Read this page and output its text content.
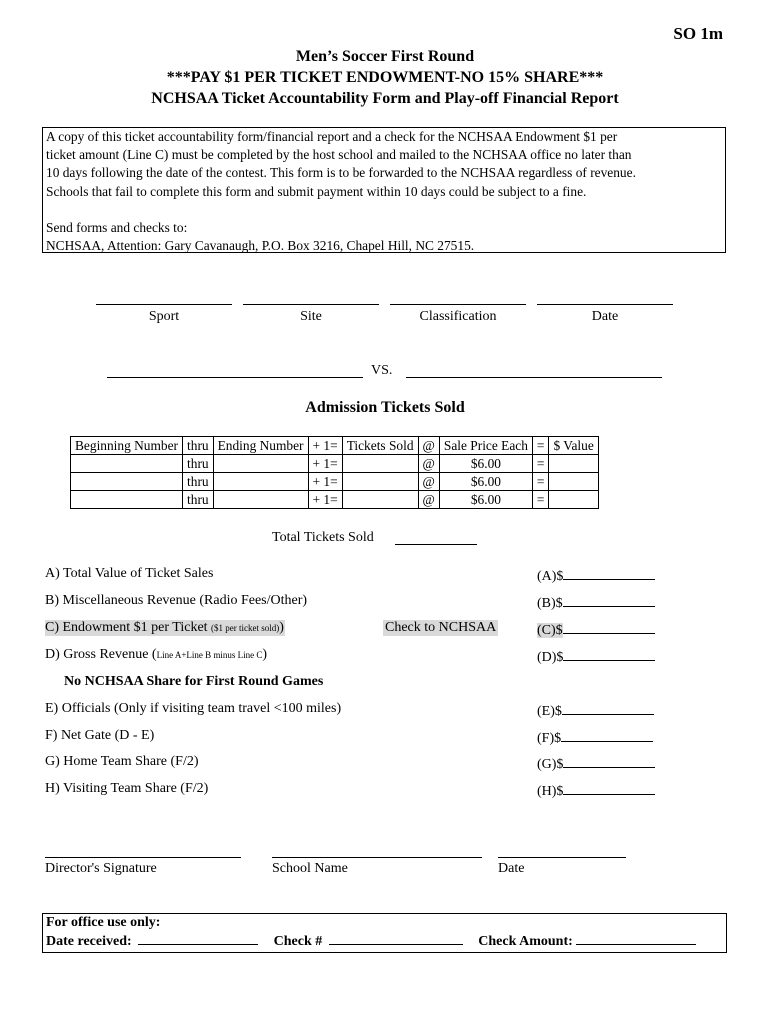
SO 1m
Men’s Soccer First Round
***PAY $1 PER TICKET ENDOWMENT-NO 15% SHARE***
NCHSAA Ticket Accountability Form and Play-off Financial Report

A copy of this ticket accountability form/financial report and a check for the NCHSAA Endowment $1 per

ticket amount (Line C) must be completed by the host school and mailed to the NCHSAA office no later than

10 days following the date of the contest. This form is to be forwarded to the NCHSAA regardless of revenue.

Schools that fail to complete this form and submit payment within 10 days could be subject to a fine.

Send forms and checks to:

NCHSAA, Attention: Gary Cavanaugh, P.O. Box 3216, Chapel Hill, NC 27515.

Sport	Site	Classification	Date
VS.
Admission Tickets Sold
Beginning Number	thru	Ending Number	+ 1=	Tickets Sold	@	Sale Price Each	=	$ Value
	thru		+ 1=		@	$6.00	=	
	thru		+ 1=		@	$6.00	=	
	thru		+ 1=		@	$6.00	=	
Total Tickets Sold
A) Total Value of Ticket Sales	(A)$
B) Miscellaneous Revenue (Radio Fees/Other)	(B)$
C) Endowment $1 per Ticket ($1 per ticket sold))	Check to NCHSAA	(C)$
D) Gross Revenue (Line A+Line B minus Line C)	(D)$
No NCHSAA Share for First Round Games
E) Officials (Only if visiting team travel <100 miles)	(E)$
F) Net Gate (D - E)	(F)$
G) Home Team Share (F/2)	(G)$
H) Visiting Team Share (F/2)	(H)$
Director's Signature	School Name	Date
For office use only:
Date received:	Check #	Check Amount:
